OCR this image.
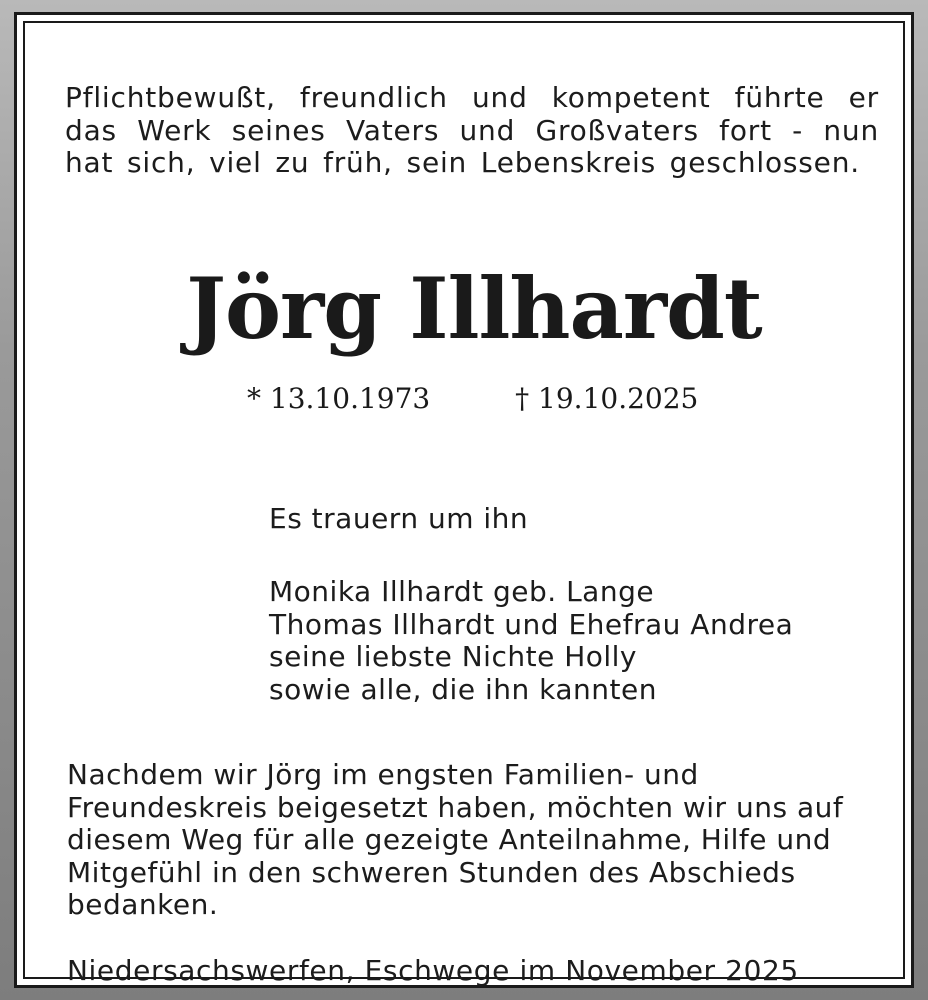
Pflichtbewußt, freundlich und kompetent führte er
das Werk seines Vaters und Großvaters fort - nun
hat sich, viel zu früh, sein Lebenskreis geschlossen.

Jörg Illhardt
* 13.10.1973	† 19.10.2025

Es trauern um ihn

Monika Illhardt geb. Lange
Thomas Illhardt und Ehefrau Andrea
seine liebste Nichte Holly
sowie alle, die ihn kannten
Nachdem wir Jörg im engsten Familien- und
Freundeskreis beigesetzt haben, möchten wir uns auf
diesem Weg für alle gezeigte Anteilnahme, Hilfe und
Mitgefühl in den schweren Stunden des Abschieds
bedanken.

Niedersachswerfen, Eschwege im November 2025
